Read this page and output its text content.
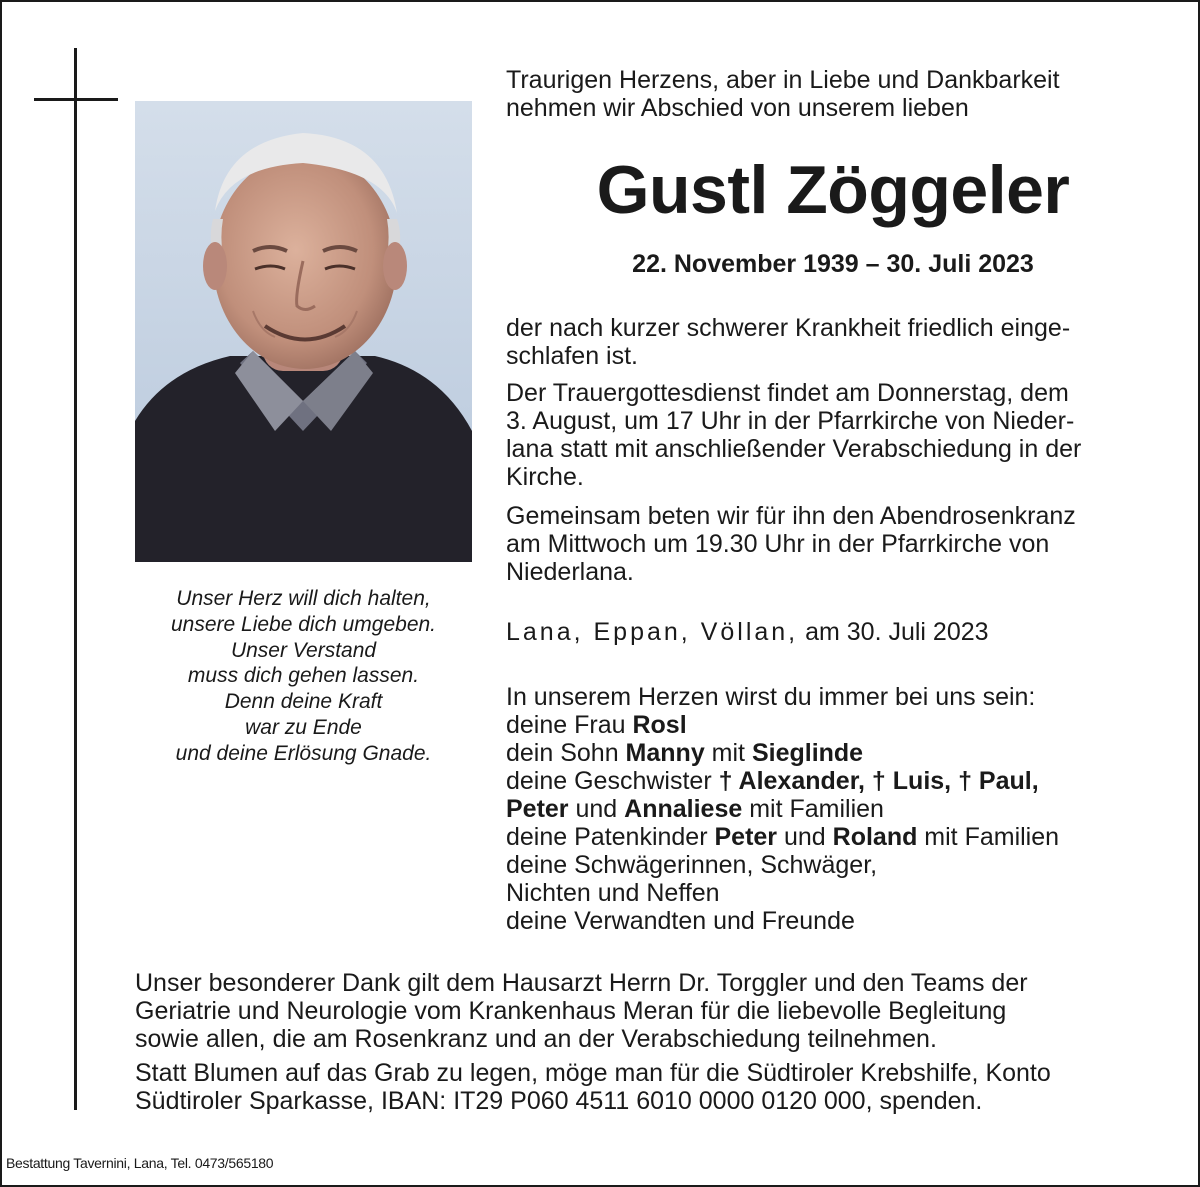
Unser Herz will dich halten,
unsere Liebe dich umgeben.
Unser Verstand
muss dich gehen lassen.
Denn deine Kraft
war zu Ende
und deine Erlösung Gnade.
Traurigen Herzens, aber in Liebe und Dankbarkeit
nehmen wir Abschied von unserem lieben
Gustl Zöggeler
22. November 1939 – 30. Juli 2023
der nach kurzer schwerer Krankheit friedlich einge-
schlafen ist.
Der Trauergottesdienst findet am Donnerstag, dem
3. August, um 17 Uhr in der Pfarrkirche von Nieder-
lana statt mit anschließender Verabschiedung in der
Kirche.
Gemeinsam beten wir für ihn den Abendrosenkranz
am Mittwoch um 19.30 Uhr in der Pfarrkirche von
Niederlana.
Lana, Eppan, Völlan, am 30. Juli 2023
In unserem Herzen wirst du immer bei uns sein:
deine Frau Rosl
dein Sohn Manny mit Sieglinde
deine Geschwister † Alexander, † Luis, † Paul,
Peter und Annaliese mit Familien
deine Patenkinder Peter und Roland mit Familien
deine Schwägerinnen, Schwäger,
Nichten und Neffen
deine Verwandten und Freunde
Unser besonderer Dank gilt dem Hausarzt Herrn Dr. Torggler und den Teams der
Geriatrie und Neurologie vom Krankenhaus Meran für die liebevolle Begleitung
sowie allen, die am Rosenkranz und an der Verabschiedung teilnehmen.
Statt Blumen auf das Grab zu legen, möge man für die Südtiroler Krebshilfe, Konto
Südtiroler Sparkasse, IBAN: IT29 P060 4511 6010 0000 0120 000, spenden.
Bestattung Tavernini, Lana, Tel. 0473/565180
